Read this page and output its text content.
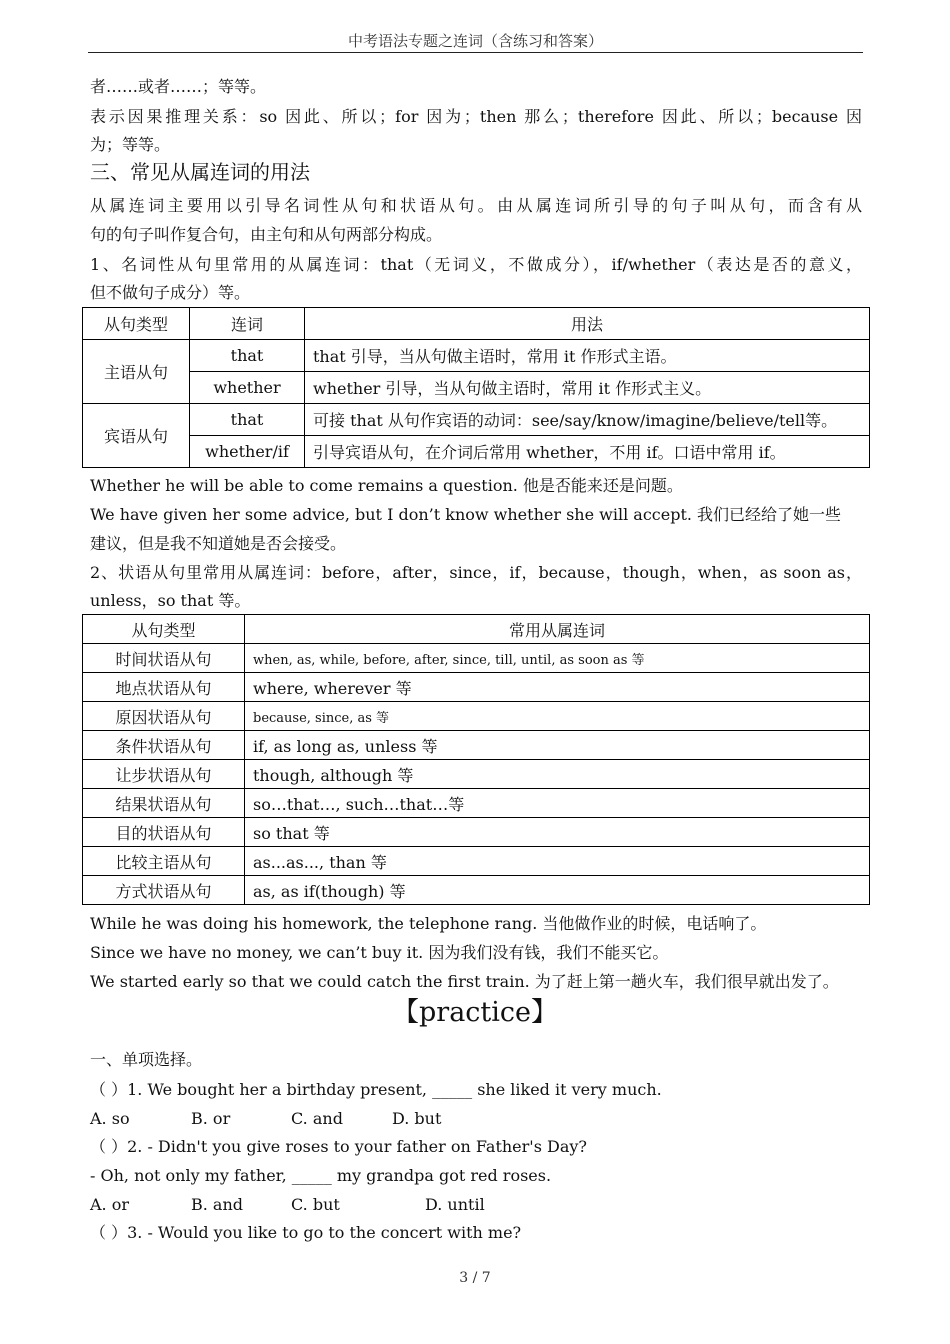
中考语法专题之连词（含练习和答案）
者……或者……；等等。
表示因果推理关系：so 因此、所以；for 因为；then 那么；therefore 因此、所以；because 因
为；等等。
三、常见从属连词的用法
从属连词主要用以引导名词性从句和状语从句。由从属连词所引导的句子叫从句，而含有从
句的句子叫作复合句，由主句和从句两部分构成。
1、名词性从句里常用的从属连词：that（无词义，不做成分），if/whether（表达是否的意义，
但不做句子成分）等。
从句类型	连词	用法
主语从句	that	that 引导，当从句做主语时，常用 it 作形式主语。
	whether	whether 引导，当从句做主语时，常用 it 作形式主义。
宾语从句	that	可接 that 从句作宾语的动词：see/say/know/imagine/believe/tell等。
	whether/if	引导宾语从句，在介词后常用 whether，不用 if。口语中常用 if。
Whether he will be able to come remains a question. 他是否能来还是问题。
We have given her some advice, but I don’t know whether she will accept. 我们已经给了她一些
建议，但是我不知道她是否会接受。
2、状语从句里常用从属连词：before，after，since，if，because，though，when，as soon as，
unless，so that 等。
从句类型	常用从属连词
时间状语从句	when, as, while, before, after, since, till, until, as soon as 等
地点状语从句	where, wherever 等
原因状语从句	because, since, as 等
条件状语从句	if, as long as, unless 等
让步状语从句	though, although 等
结果状语从句	so…that…, such…that…等
目的状语从句	so that 等
比较主语从句	as...as..., than 等
方式状语从句	as, as if(though) 等
While he was doing his homework, the telephone rang. 当他做作业的时候，电话响了。
Since we have no money, we can’t buy it. 因为我们没有钱，我们不能买它。
We started early so that we could catch the first train. 为了赶上第一趟火车，我们很早就出发了。
【practice】
一、单项选择。
（ ）1. We bought her a birthday present, _____ she liked it very much.
A. so	B. or	C. and	D. but
（ ）2. - Didn't you give roses to your father on Father's Day?
- Oh, not only my father, _____ my grandpa got red roses.
A. or	B. and	C. but	D. until
（ ）3. - Would you like to go to the concert with me?
3 / 7
